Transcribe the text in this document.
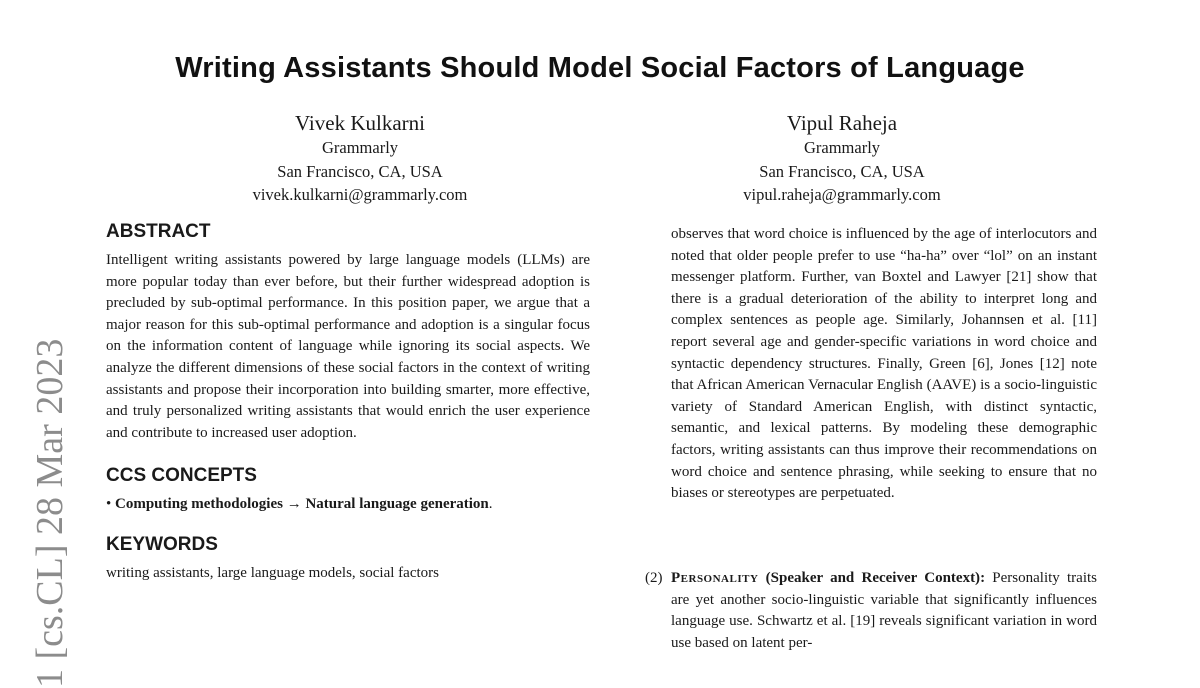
Writing Assistants Should Model Social Factors of Language
Vivek Kulkarni
Grammarly
San Francisco, CA, USA
vivek.kulkarni@grammarly.com
Vipul Raheja
Grammarly
San Francisco, CA, USA
vipul.raheja@grammarly.com
1 [cs.CL] 28 Mar 2023
ABSTRACT

Intelligent writing assistants powered by large language models (LLMs) are more popular today than ever before, but their further widespread adoption is precluded by sub-optimal performance. In this position paper, we argue that a major reason for this sub-optimal performance and adoption is a singular focus on the information content of language while ignoring its social aspects. We analyze the different dimensions of these social factors in the context of writing assistants and propose their incorporation into building smarter, more effective, and truly personalized writing assistants that would enrich the user experience and contribute to increased user adoption.

CCS CONCEPTS

• Computing methodologies → Natural language generation.

KEYWORDS

writing assistants, large language models, social factors

observes that word choice is influenced by the age of interlocutors and noted that older people prefer to use “ha-ha” over “lol” on an instant messenger platform. Further, van Boxtel and Lawyer [21] show that there is a gradual deterioration of the ability to interpret long and complex sentences as people age. Similarly, Johannsen et al. [11] report several age and gender-specific variations in word choice and syntactic dependency structures. Finally, Green [6], Jones [12] note that African American Vernacular English (AAVE) is a socio-linguistic variety of Standard American English, with distinct syntactic, semantic, and lexical patterns. By modeling these demographic factors, writing assistants can thus improve their recommendations on word choice and sentence phrasing, while seeking to ensure that no biases or stereotypes are perpetuated.

(2) Personality (Speaker and Receiver Context): Personality traits are yet another socio-linguistic variable that significantly influences language use. Schwartz et al. [19] reveals significant variation in word use based on latent per-
